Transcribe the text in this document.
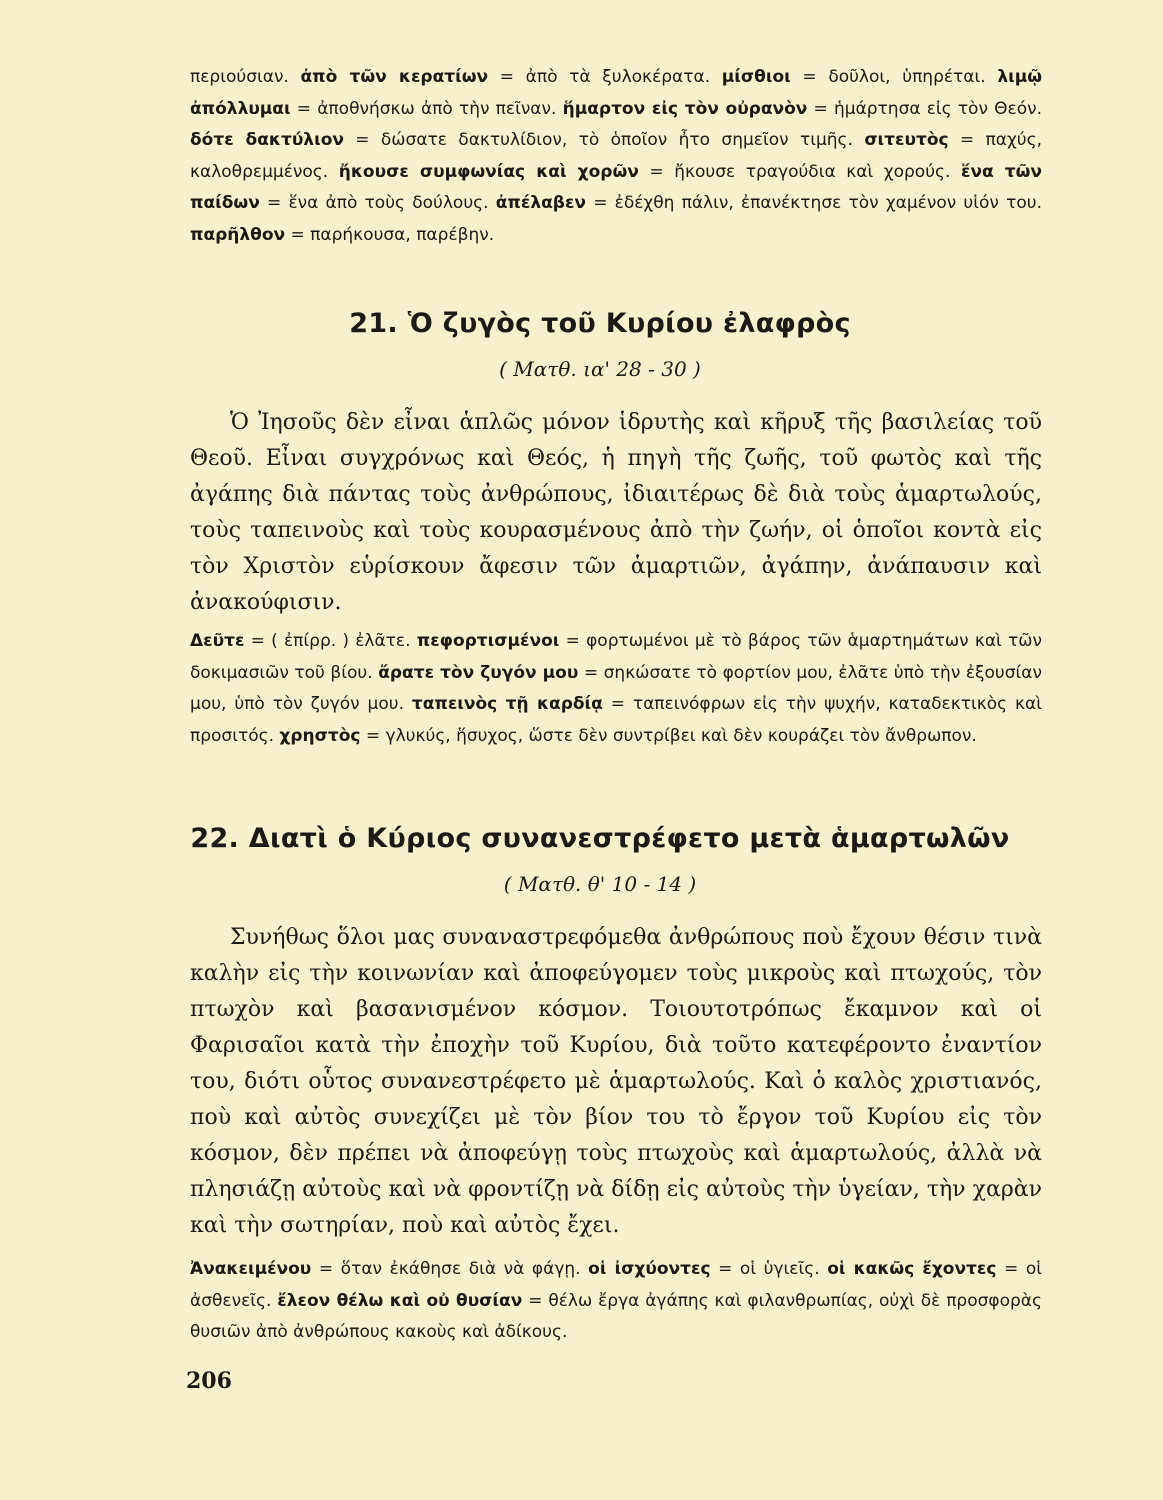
περιούσιαν. ἀπὸ τῶν κερατίων = ἀπὸ τὰ ξυλοκέρατα. μίσθιοι = δοῦλοι, ὑπηρέται. λιμῷ ἀπόλλυμαι = ἀποθνήσκω ἀπὸ τὴν πεῖναν. ἥμαρτον εἰς τὸν οὐρανὸν = ἡμάρτησα εἰς τὸν Θεόν. δότε δακτύλιον = δώσατε δακτυλίδιον, τὸ ὁποῖον ἦτο σημεῖον τιμῆς. σιτευτὸς = παχύς, καλοθρεμμένος. ἤκουσε συμφωνίας καὶ χορῶν = ἤκουσε τραγούδια καὶ χορούς. ἕνα τῶν παίδων = ἕνα ἀπὸ τοὺς δούλους. ἀπέλαβεν = ἐδέχθη πάλιν, ἐπανέκτησε τὸν χαμένον υἱόν του. παρῆλθον = παρήκουσα, παρέβην.
21. Ὁ ζυγὸς τοῦ Κυρίου ἐλαφρὸς
( Ματθ. ια' 28 - 30 )

Ὁ Ἰησοῦς δὲν εἶναι ἁπλῶς μόνον ἱδρυτὴς καὶ κῆρυξ τῆς βασιλείας τοῦ Θεοῦ. Εἶναι συγχρόνως καὶ Θεός, ἡ πηγὴ τῆς ζωῆς, τοῦ φωτὸς καὶ τῆς ἀγάπης διὰ πάντας τοὺς ἀνθρώπους, ἰδιαιτέρως δὲ διὰ τοὺς ἁμαρτωλούς, τοὺς ταπεινοὺς καὶ τοὺς κουρασμένους ἀπὸ τὴν ζωήν, οἱ ὁποῖοι κοντὰ εἰς τὸν Χριστὸν εὑρίσκουν ἄφεσιν τῶν ἁμαρτιῶν, ἀγάπην, ἀνάπαυσιν καὶ ἀνακούφισιν.

Δεῦτε = ( ἐπίρρ. ) ἐλᾶτε. πεφορτισμένοι = φορτωμένοι μὲ τὸ βάρος τῶν ἁμαρτημάτων καὶ τῶν δοκιμασιῶν τοῦ βίου. ἄρατε τὸν ζυγόν μου = σηκώσατε τὸ φορτίον μου, ἐλᾶτε ὑπὸ τὴν ἐξουσίαν μου, ὑπὸ τὸν ζυγόν μου. ταπεινὸς τῇ καρδίᾳ = ταπεινόφρων εἰς τὴν ψυχήν, καταδεκτικὸς καὶ προσιτός. χρηστὸς = γλυκύς, ἥσυχος, ὥστε δὲν συντρίβει καὶ δὲν κουράζει τὸν ἄνθρωπον.
22. Διατὶ ὁ Κύριος συνανεστρέφετο μετὰ ἁμαρτωλῶν
( Ματθ. θ' 10 - 14 )

Συνήθως ὅλοι μας συναναστρεφόμεθα ἀνθρώπους ποὺ ἔχουν θέσιν τινὰ καλὴν εἰς τὴν κοινωνίαν καὶ ἀποφεύγομεν τοὺς μικροὺς καὶ πτωχούς, τὸν πτωχὸν καὶ βασανισμένον κόσμον. Τοιουτοτρόπως ἔκαμνον καὶ οἱ Φαρισαῖοι κατὰ τὴν ἐποχὴν τοῦ Κυρίου, διὰ τοῦτο κατεφέροντο ἐναντίον του, διότι οὗτος συνανεστρέφετο μὲ ἁμαρτωλούς. Καὶ ὁ καλὸς χριστιανός, ποὺ καὶ αὐτὸς συνεχίζει μὲ τὸν βίον του τὸ ἔργον τοῦ Κυρίου εἰς τὸν κόσμον, δὲν πρέπει νὰ ἀποφεύγῃ τοὺς πτωχοὺς καὶ ἁμαρτωλούς, ἀλλὰ νὰ πλησιάζῃ αὐτοὺς καὶ νὰ φροντίζῃ νὰ δίδῃ εἰς αὐτοὺς τὴν ὑγείαν, τὴν χαρὰν καὶ τὴν σωτηρίαν, ποὺ καὶ αὐτὸς ἔχει.

Ἀνακειμένου = ὅταν ἐκάθησε διὰ νὰ φάγῃ. οἱ ἰσχύοντες = οἱ ὑγιεῖς. οἱ κακῶς ἔχοντες = οἱ ἀσθενεῖς. ἔλεον θέλω καὶ οὐ θυσίαν = θέλω ἔργα ἀγάπης καὶ φιλανθρωπίας, οὐχὶ δὲ προσφορὰς θυσιῶν ἀπὸ ἀνθρώπους κακοὺς καὶ ἀδίκους.
206
